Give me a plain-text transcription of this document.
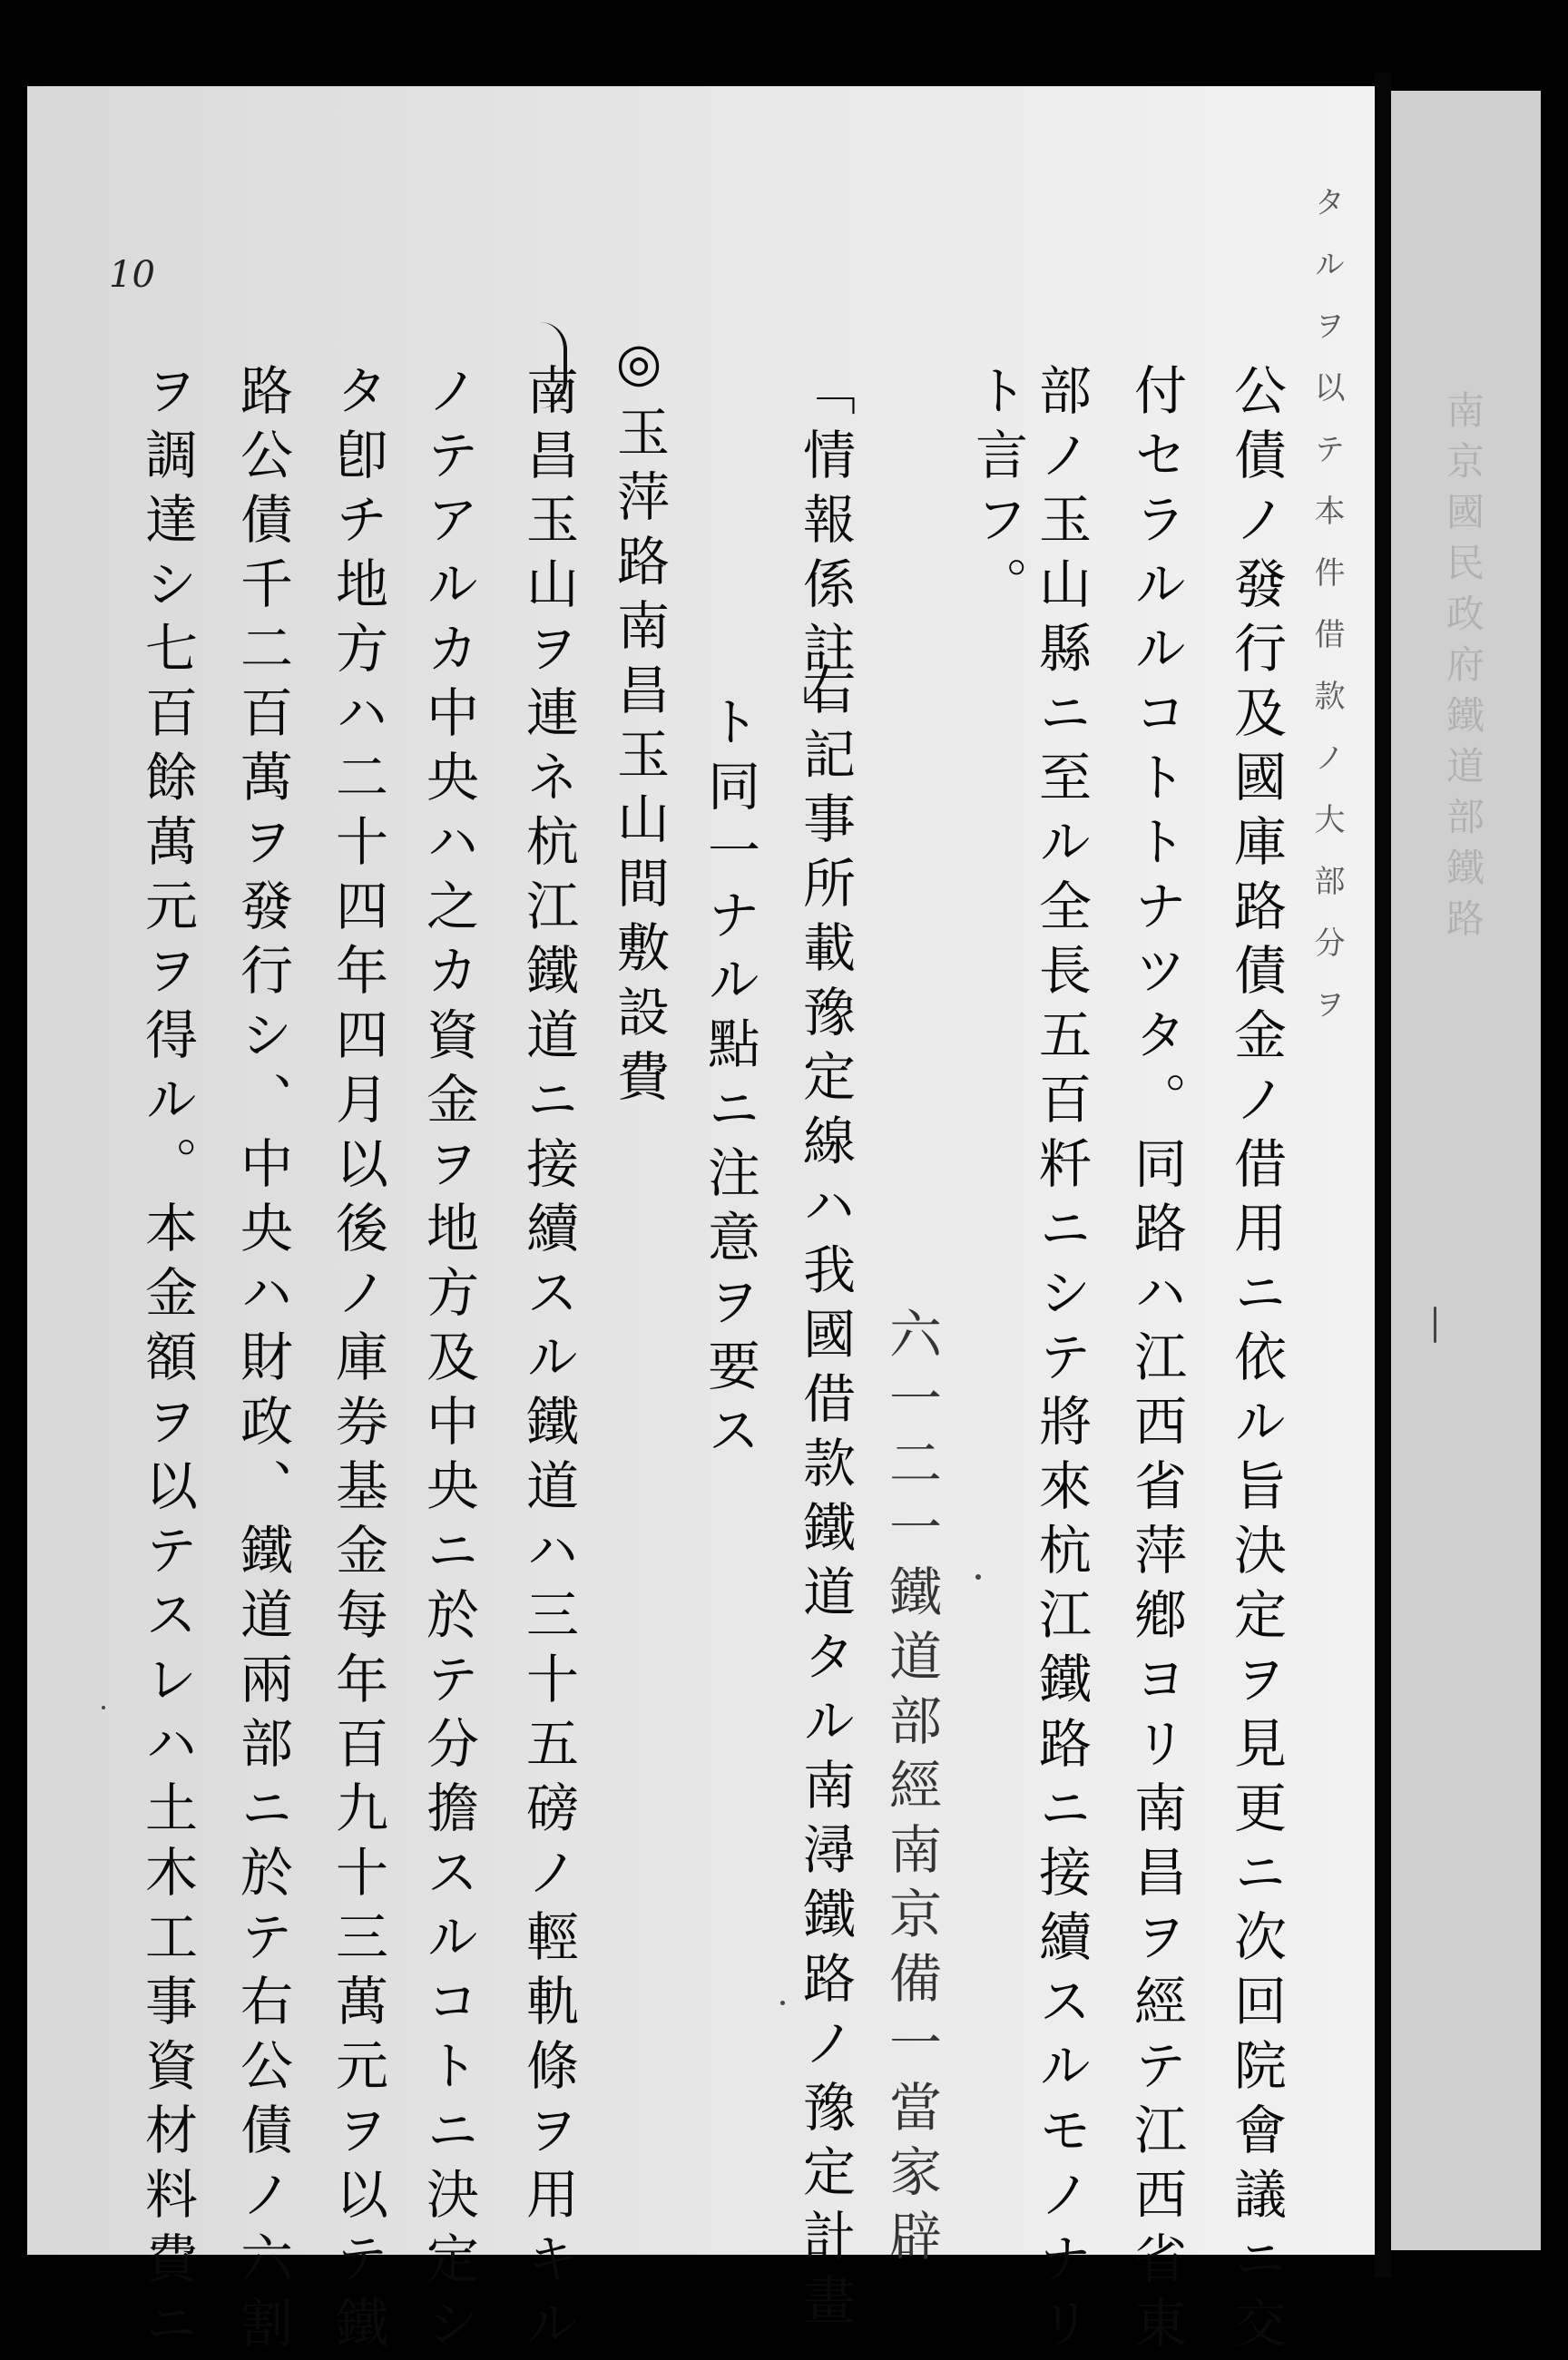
南京國民政府鐵道部鐵路
10	タルヲ以テ本件借款ノ大部分ヲ
公債ノ發行及國庫路債金ノ借用ニ依ル旨決定ヲ見更ニ次回院會議ニ交
付セラルルコトトナツタ。同路ハ江西省萍鄕ヨリ南昌ヲ經テ江西省東
部ノ玉山縣ニ至ル全長五百粁ニシテ將來杭江鐵路ニ接續スルモノナリ
ト言フ。
六一二一鐵道部經南京備一當家辟
「情報係註」
右記事所載豫定線ハ我國借款鐵道タル南潯鐵路ノ豫定計畫
ト同一ナル點ニ注意ヲ要ス
◎玉萍路南昌玉山間敷設費
南昌玉山ヲ連ネ杭江鐵道ニ接續スル鐵道ハ三十五磅ノ輕軌條ヲ用キル
ノテアルカ中央ハ之カ資金ヲ地方及中央ニ於テ分擔スルコトニ決定シ
タ卽チ地方ハ二十四年四月以後ノ庫券基金每年百九十三萬元ヲ以テ鐵
路公債千二百萬ヲ發行シ、中央ハ財政、鐵道兩部ニ於テ右公債ノ六割
ヲ調達シ七百餘萬元ヲ得ル。本金額ヲ以テスレハ土木工事資材料費ニ
